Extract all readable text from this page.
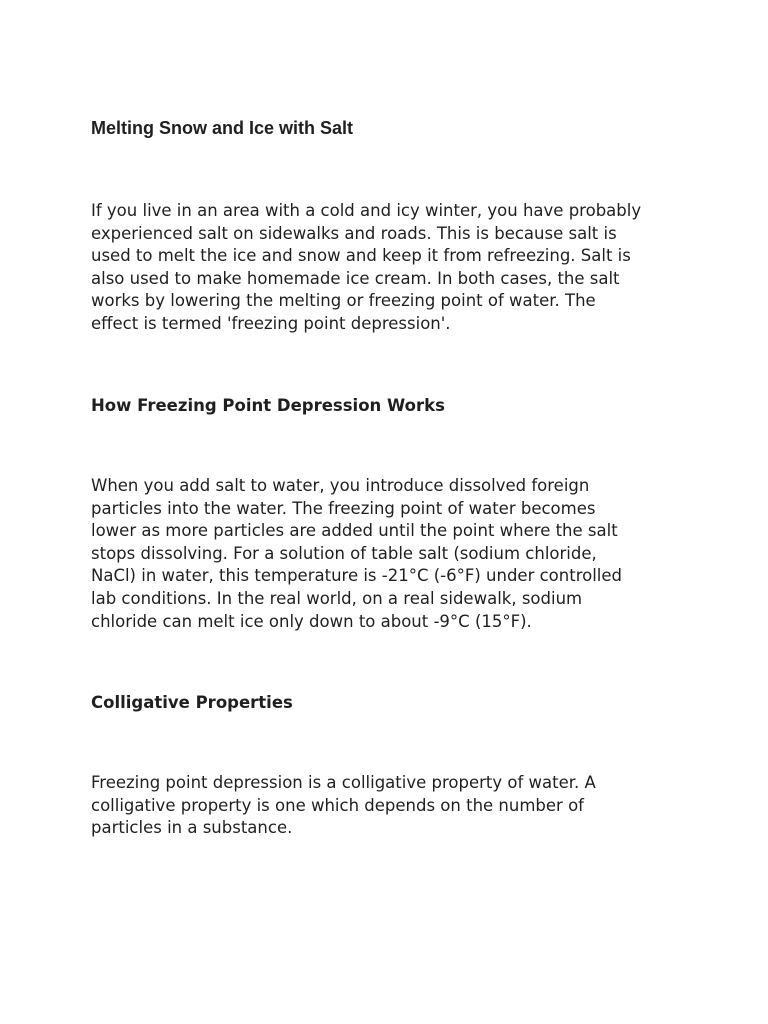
Melting Snow and Ice with Salt

If you live in an area with a cold and icy winter, you have probably
experienced salt on sidewalks and roads. This is because salt is
used to melt the ice and snow and keep it from refreezing. Salt is
also used to make homemade ice cream. In both cases, the salt
works by lowering the melting or freezing point of water. The
effect is termed 'freezing point depression'.

How Freezing Point Depression Works

When you add salt to water, you introduce dissolved foreign
particles into the water. The freezing point of water becomes
lower as more particles are added until the point where the salt
stops dissolving. For a solution of table salt (sodium chloride,
NaCl) in water, this temperature is -21°C (-6°F) under controlled
lab conditions. In the real world, on a real sidewalk, sodium
chloride can melt ice only down to about -9°C (15°F).

Colligative Properties

Freezing point depression is a colligative property of water. A
colligative property is one which depends on the number of
particles in a substance.
